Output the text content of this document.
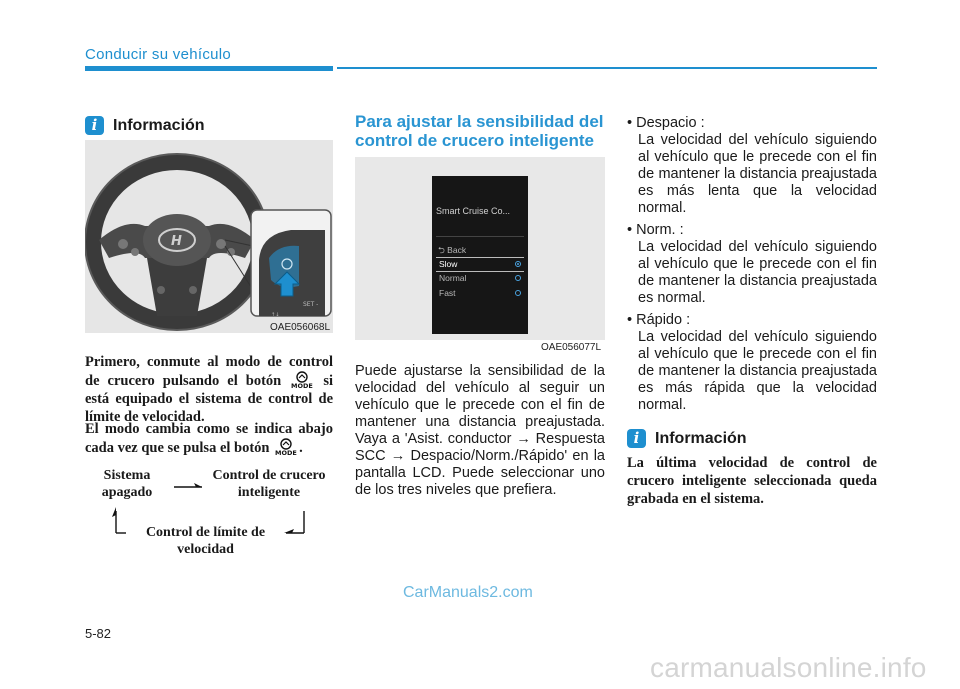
Conducir su vehículo
i Información
H
SET -
↑↓
OAE056068L
Primero, conmute al modo de control de crucero pulsando el botón MODE si está equipado el sistema de control de límite de velocidad.
El modo cambia como se indica abajo cada vez que se pulsa el botón MODE .
Sistema apagado
Control de crucero inteligente
Control de límite de velocidad
Para ajustar la sensibilidad del control de crucero inteligente
Smart Cruise Co...
⮌ Back
Slow
Normal
Fast
OAE056077L
Puede ajustarse la sensibilidad de la velocidad del vehículo al seguir un vehículo que le precede con el fin de mantener una distancia preajustada. Vaya a 'Asist. conductor → Respuesta SCC → Despacio/Norm./Rápido' en la pantalla LCD. Puede seleccionar uno de los tres niveles que prefiera.
• Despacio :
La velocidad del vehículo siguiendo al vehículo que le precede con el fin de mantener la distancia preajustada es más lenta que la velocidad normal.
• Norm. :
La velocidad del vehículo siguiendo al vehículo que le precede con el fin de mantener la distancia preajustada es normal.
• Rápido :
La velocidad del vehículo siguiendo al vehículo que le precede con el fin de mantener la distancia preajustada es más rápida que la velocidad normal.
i Información
La última velocidad de control de crucero inteligente seleccionada queda grabada en el sistema.
5-82
CarManuals2.com
carmanualsonline.info
